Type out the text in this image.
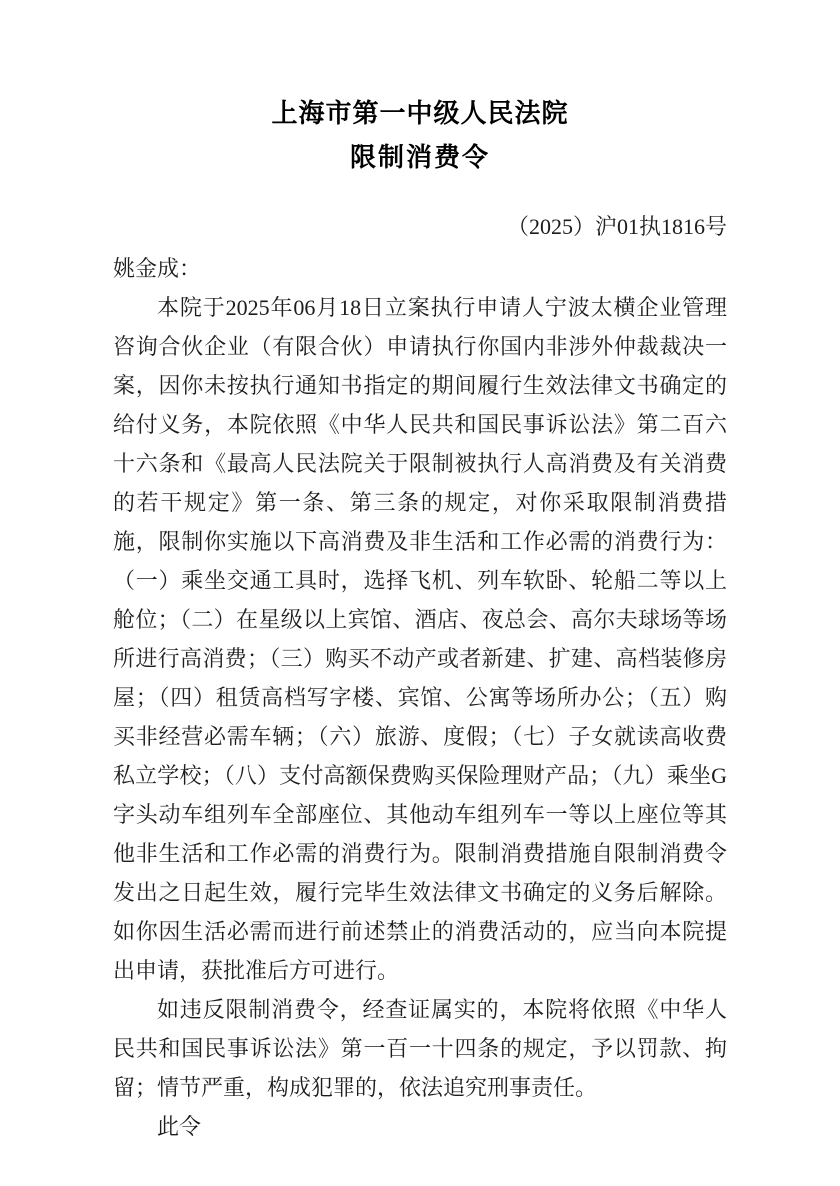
上海市第一中级人民法院
限制消费令
（2025）沪01执1816号
姚金成：

本院于2025年06月18日立案执行申请人宁波太横企业管理咨询合伙企业（有限合伙）申请执行你国内非涉外仲裁裁决一案，因你未按执行通知书指定的期间履行生效法律文书确定的给付义务，本院依照《中华人民共和国民事诉讼法》第二百六十六条和《最高人民法院关于限制被执行人高消费及有关消费的若干规定》第一条、第三条的规定，对你采取限制消费措施，限制你实施以下高消费及非生活和工作必需的消费行为：（一）乘坐交通工具时，选择飞机、列车软卧、轮船二等以上舱位；（二）在星级以上宾馆、酒店、夜总会、高尔夫球场等场所进行高消费；（三）购买不动产或者新建、扩建、高档装修房屋；（四）租赁高档写字楼、宾馆、公寓等场所办公；（五）购买非经营必需车辆；（六）旅游、度假；（七）子女就读高收费私立学校；（八）支付高额保费购买保险理财产品；（九）乘坐G字头动车组列车全部座位、其他动车组列车一等以上座位等其他非生活和工作必需的消费行为。限制消费措施自限制消费令发出之日起生效，履行完毕生效法律文书确定的义务后解除。如你因生活必需而进行前述禁止的消费活动的，应当向本院提出申请，获批准后方可进行。

如违反限制消费令，经查证属实的，本院将依照《中华人民共和国民事诉讼法》第一百一十四条的规定，予以罚款、拘留；情节严重，构成犯罪的，依法追究刑事责任。

此令
